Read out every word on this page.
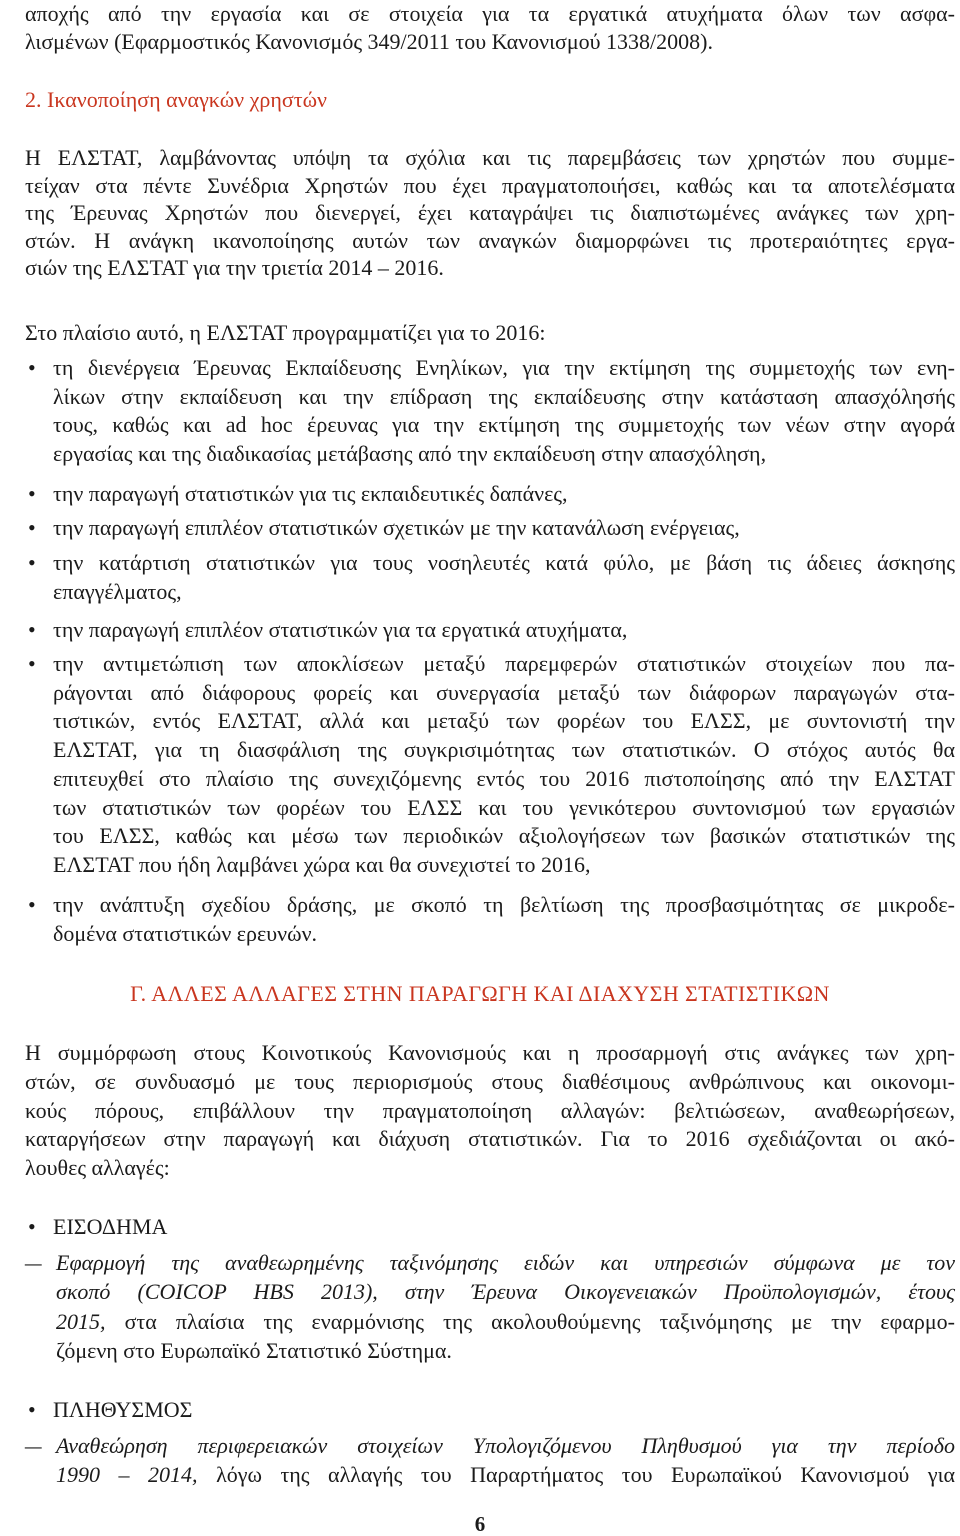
αποχής από την εργασία και σε στοιχεία για τα εργατικά ατυχήματα όλων των ασφα-
λισμένων (Εφαρμοστικός Κανονισμός 349/2011 του Κανονισμού 1338/2008).
2. Ικανοποίηση αναγκών χρηστών
Η ΕΛΣΤΑΤ, λαμβάνοντας υπόψη τα σχόλια και τις παρεμβάσεις των χρηστών που συμμε-
τείχαν στα πέντε Συνέδρια Χρηστών που έχει πραγματοποιήσει, καθώς και τα αποτελέσματα
της Έρευνας Χρηστών που διενεργεί, έχει καταγράψει τις διαπιστωμένες ανάγκες των χρη-
στών. Η ανάγκη ικανοποίησης αυτών των αναγκών διαμορφώνει τις προτεραιότητες εργα-
σιών της ΕΛΣΤΑΤ για την τριετία 2014 – 2016.
Στο πλαίσιο αυτό, η ΕΛΣΤΑΤ προγραμματίζει για το 2016:
• τη διενέργεια Έρευνας Εκπαίδευσης Ενηλίκων, για την εκτίμηση της συμμετοχής των ενη-
λίκων στην εκπαίδευση και την επίδραση της εκπαίδευσης στην κατάσταση απασχόλησής
τους, καθώς και ad hoc έρευνας για την εκτίμηση της συμμετοχής των νέων στην αγορά
εργασίας και της διαδικασίας μετάβασης από την εκπαίδευση στην απασχόληση,
• την παραγωγή στατιστικών για τις εκπαιδευτικές δαπάνες,
• την παραγωγή επιπλέον στατιστικών σχετικών με την κατανάλωση ενέργειας,
• την κατάρτιση στατιστικών για τους νοσηλευτές κατά φύλο, με βάση τις άδειες άσκησης
επαγγέλματος,
• την παραγωγή επιπλέον στατιστικών για τα εργατικά ατυχήματα,
• την αντιμετώπιση των αποκλίσεων μεταξύ παρεμφερών στατιστικών στοιχείων που πα-
ράγονται από διάφορους φορείς και συνεργασία μεταξύ των διάφορων παραγωγών στα-
τιστικών, εντός ΕΛΣΤΑΤ, αλλά και μεταξύ των φορέων του ΕΛΣΣ, με συντονιστή την
ΕΛΣΤΑΤ, για τη διασφάλιση της συγκρισιμότητας των στατιστικών. Ο στόχος αυτός θα
επιτευχθεί στο πλαίσιο της συνεχιζόμενης εντός του 2016 πιστοποίησης από την ΕΛΣΤΑΤ
των στατιστικών των φορέων του ΕΛΣΣ και του γενικότερου συντονισμού των εργασιών
του ΕΛΣΣ, καθώς και μέσω των περιοδικών αξιολογήσεων των βασικών στατιστικών της
ΕΛΣΤΑΤ που ήδη λαμβάνει χώρα και θα συνεχιστεί το 2016,
• την ανάπτυξη σχεδίου δράσης, με σκοπό τη βελτίωση της προσβασιμότητας σε μικροδε-
δομένα στατιστικών ερευνών.
Γ. ΑΛΛΕΣ ΑΛΛΑΓΕΣ ΣΤΗΝ ΠΑΡΑΓΩΓΗ ΚΑΙ ΔΙΑΧΥΣΗ ΣΤΑΤΙΣΤΙΚΩΝ
Η συμμόρφωση στους Κοινοτικούς Κανονισμούς και η προσαρμογή στις ανάγκες των χρη-
στών, σε συνδυασμό με τους περιορισμούς στους διαθέσιμους ανθρώπινους και οικονομι-
κούς πόρους, επιβάλλουν την πραγματοποίηση αλλαγών: βελτιώσεων, αναθεωρήσεων,
καταργήσεων στην παραγωγή και διάχυση στατιστικών. Για το 2016 σχεδιάζονται οι ακό-
λουθες αλλαγές:
• ΕΙΣΟΔΗΜΑ
– Εφαρμογή της αναθεωρημένης ταξινόμησης ειδών και υπηρεσιών σύμφωνα με τον
σκοπό (COICOP HBS 2013), στην Έρευνα Οικογενειακών Προϋπολογισμών, έτους
2015, στα πλαίσια της εναρμόνισης της ακολουθούμενης ταξινόμησης με την εφαρμο-
ζόμενη στο Ευρωπαϊκό Στατιστικό Σύστημα.
• ΠΛΗΘΥΣΜΟΣ
– Αναθεώρηση περιφερειακών στοιχείων Υπολογιζόμενου Πληθυσμού για την περίοδο
1990 – 2014, λόγω της αλλαγής του Παραρτήματος του Ευρωπαϊκού Κανονισμού για
6
